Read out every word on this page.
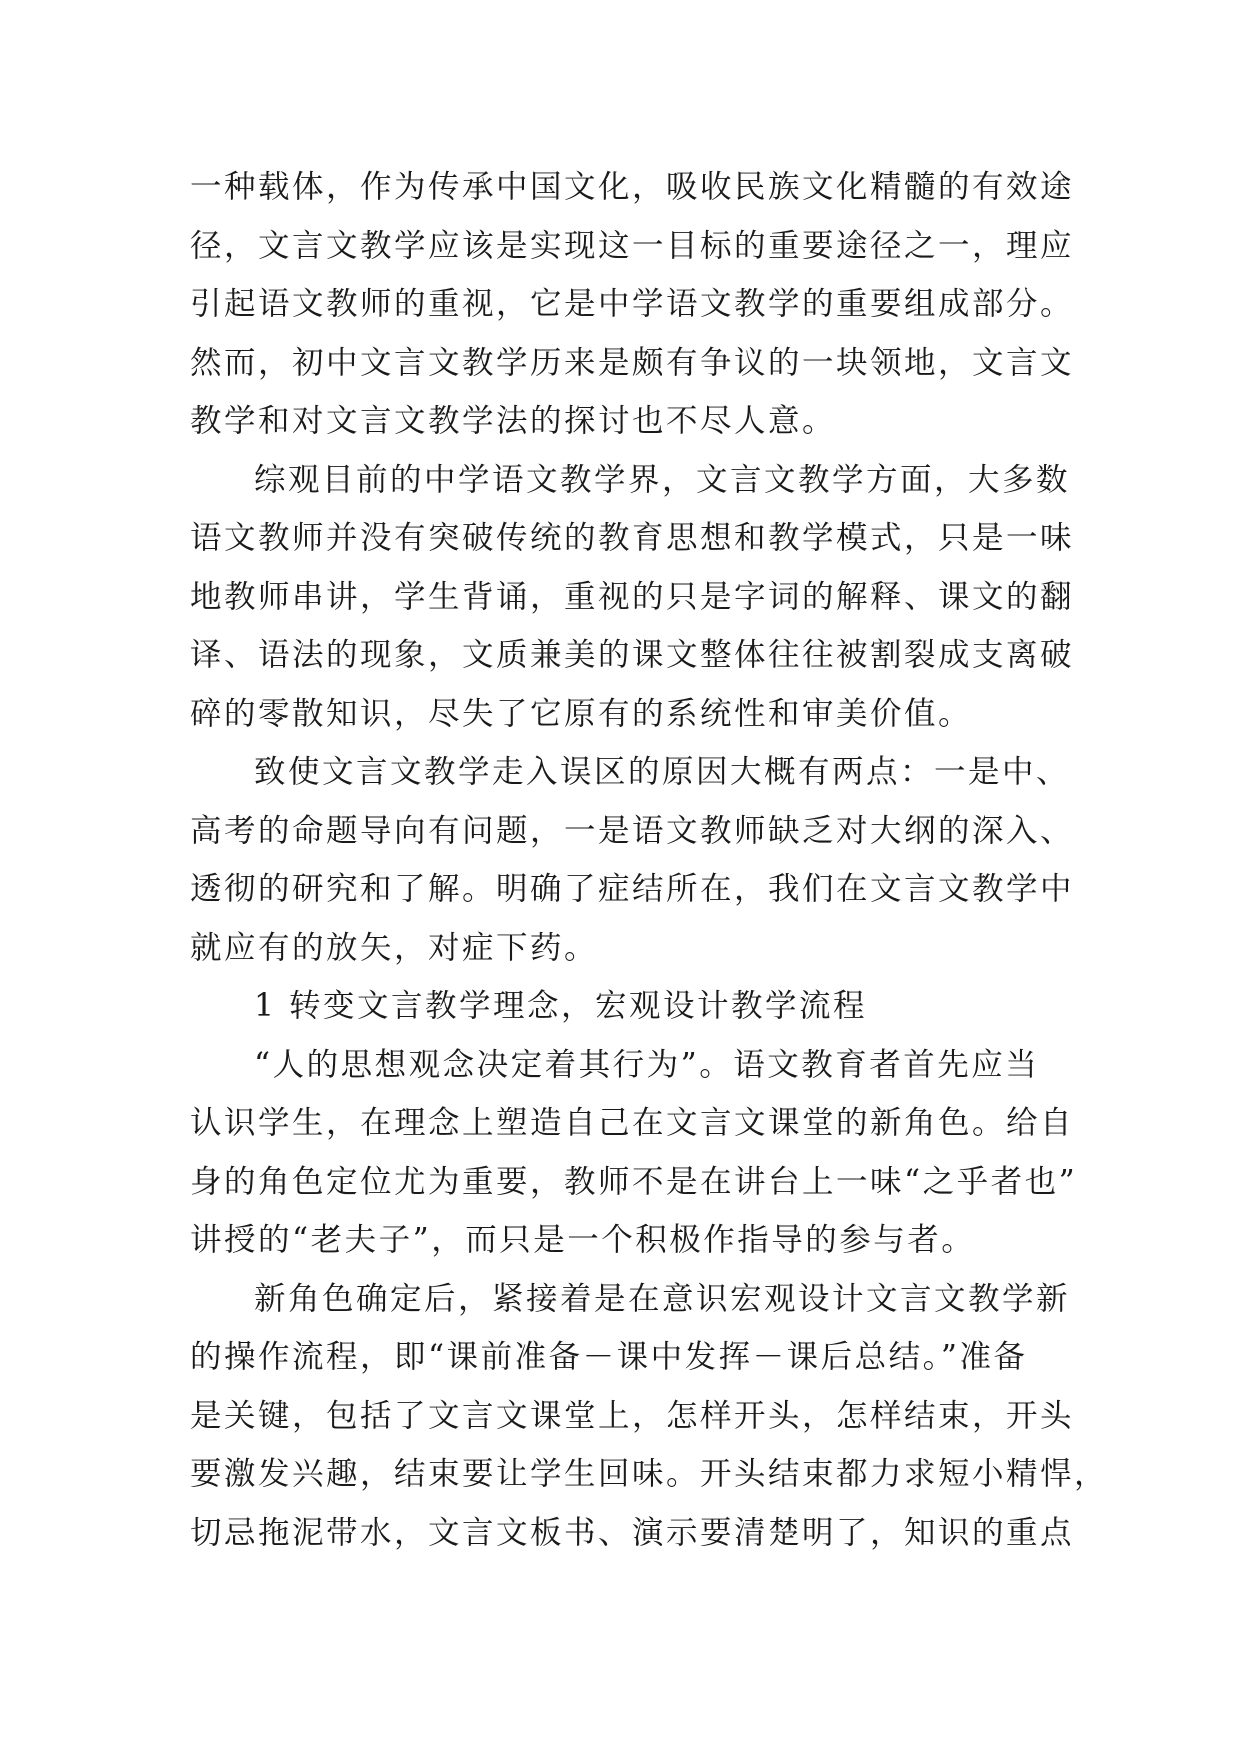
一种载体，作为传承中国文化，吸收民族文化精髓的有效途
径，文言文教学应该是实现这一目标的重要途径之一，理应
引起语文教师的重视，它是中学语文教学的重要组成部分。
然而，初中文言文教学历来是颇有争议的一块领地，文言文
教学和对文言文教学法的探讨也不尽人意。
综观目前的中学语文教学界，文言文教学方面，大多数
语文教师并没有突破传统的教育思想和教学模式，只是一味
地教师串讲，学生背诵，重视的只是字词的解释、课文的翻
译、语法的现象，文质兼美的课文整体往往被割裂成支离破
碎的零散知识，尽失了它原有的系统性和审美价值。
致使文言文教学走入误区的原因大概有两点：一是中、
高考的命题导向有问题，一是语文教师缺乏对大纲的深入、
透彻的研究和了解。明确了症结所在，我们在文言文教学中
就应有的放矢，对症下药。
1 转变文言教学理念，宏观设计教学流程
“人的思想观念决定着其行为”。语文教育者首先应当
认识学生，在理念上塑造自己在文言文课堂的新角色。给自
身的角色定位尤为重要，教师不是在讲台上一味“之乎者也”
讲授的“老夫子”，而只是一个积极作指导的参与者。
新角色确定后，紧接着是在意识宏观设计文言文教学新
的操作流程，即“课前准备－课中发挥－课后总结。”准备
是关键，包括了文言文课堂上，怎样开头，怎样结束，开头
要激发兴趣，结束要让学生回味。开头结束都力求短小精悍，
切忌拖泥带水，文言文板书、演示要清楚明了，知识的重点
